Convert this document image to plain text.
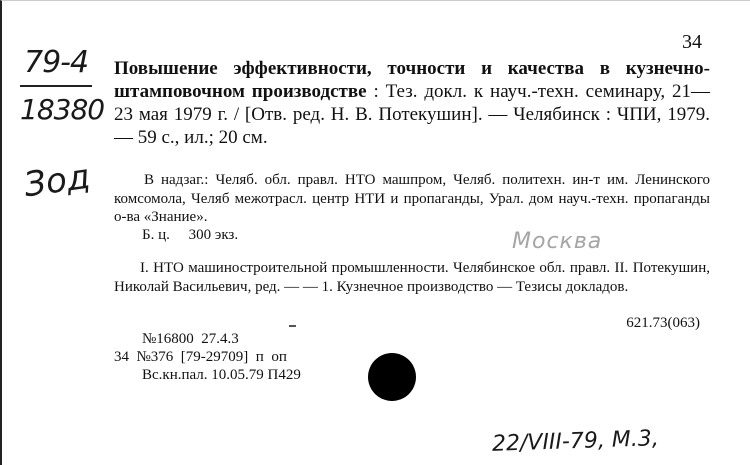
79-4
18380
Зод
34
Повышение эффективности, точности и качества в кузнечно-штамповочном производстве : Тез. докл. к науч.-техн. семинару, 21—23 мая 1979 г. / [Отв. ред. Н. В. Потекушин]. — Челябинск : ЧПИ, 1979. — 59 с., ил.; 20 см.
В надзаг.: Челяб. обл. правл. НТО машпром, Челяб. политехн. ин-т им. Ленинского комсомола, Челяб межотрасл. центр НТИ и пропаганды, Урал. дом науч.-техн. пропаганды о-ва «Знание».
Б. ц.     300 экз.	Москва
I. НТО машиностроительной промышленности. Челябинское обл. правл. II. Потекушин, Николай Васильевич, ред. — — 1. Кузнечное производство — Тезисы докладов.
621.73(063)
№16800  27.4.3
34  №376  [79-29709]  п  оп
Вс.кн.пал. 10.05.79 П429
22/VIII-79, М.3,
